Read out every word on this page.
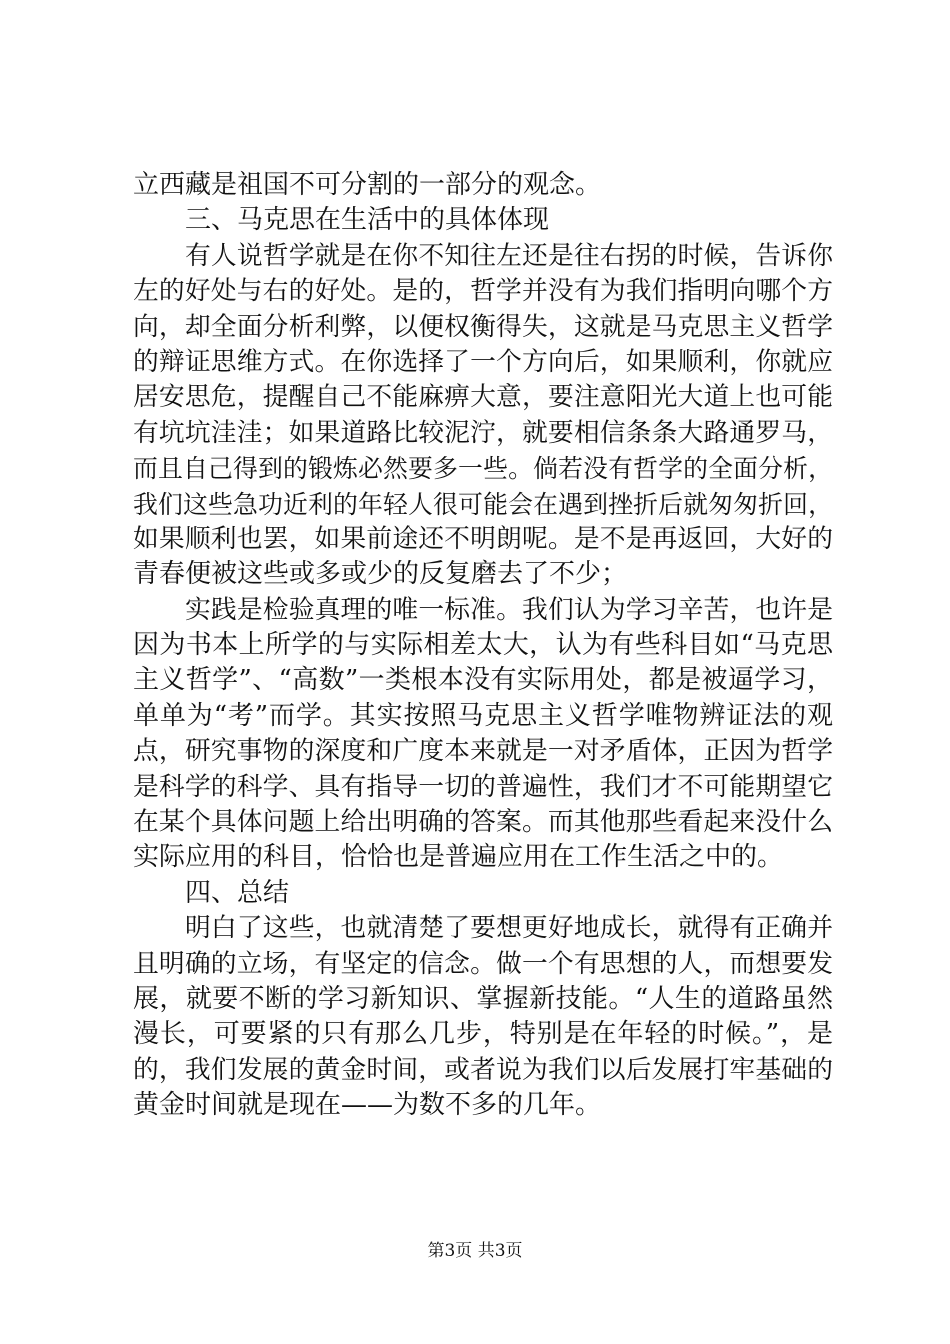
立西藏是祖国不可分割的一部分的观念。
三、马克思在生活中的具体体现
有人说哲学就是在你不知往左还是往右拐的时候，告诉你
左的好处与右的好处。是的，哲学并没有为我们指明向哪个方
向，却全面分析利弊，以便权衡得失，这就是马克思主义哲学
的辩证思维方式。在你选择了一个方向后，如果顺利，你就应
居安思危，提醒自己不能麻痹大意，要注意阳光大道上也可能
有坑坑洼洼；如果道路比较泥泞，就要相信条条大路通罗马，
而且自己得到的锻炼必然要多一些。倘若没有哲学的全面分析，
我们这些急功近利的年轻人很可能会在遇到挫折后就匆匆折回，
如果顺利也罢，如果前途还不明朗呢。是不是再返回，大好的
青春便被这些或多或少的反复磨去了不少；
实践是检验真理的唯一标准。我们认为学习辛苦，也许是
因为书本上所学的与实际相差太大，认为有些科目如“马克思
主义哲学”、“高数”一类根本没有实际用处，都是被逼学习，
单单为“考”而学。其实按照马克思主义哲学唯物辨证法的观
点，研究事物的深度和广度本来就是一对矛盾体，正因为哲学
是科学的科学、具有指导一切的普遍性，我们才不可能期望它
在某个具体问题上给出明确的答案。而其他那些看起来没什么
实际应用的科目，恰恰也是普遍应用在工作生活之中的。
四、总结
明白了这些，也就清楚了要想更好地成长，就得有正确并
且明确的立场，有坚定的信念。做一个有思想的人，而想要发
展，就要不断的学习新知识、掌握新技能。“人生的道路虽然
漫长，可要紧的只有那么几步，特别是在年轻的时候。”，是
的，我们发展的黄金时间，或者说为我们以后发展打牢基础的
黄金时间就是现在——为数不多的几年。
第3页 共3页
